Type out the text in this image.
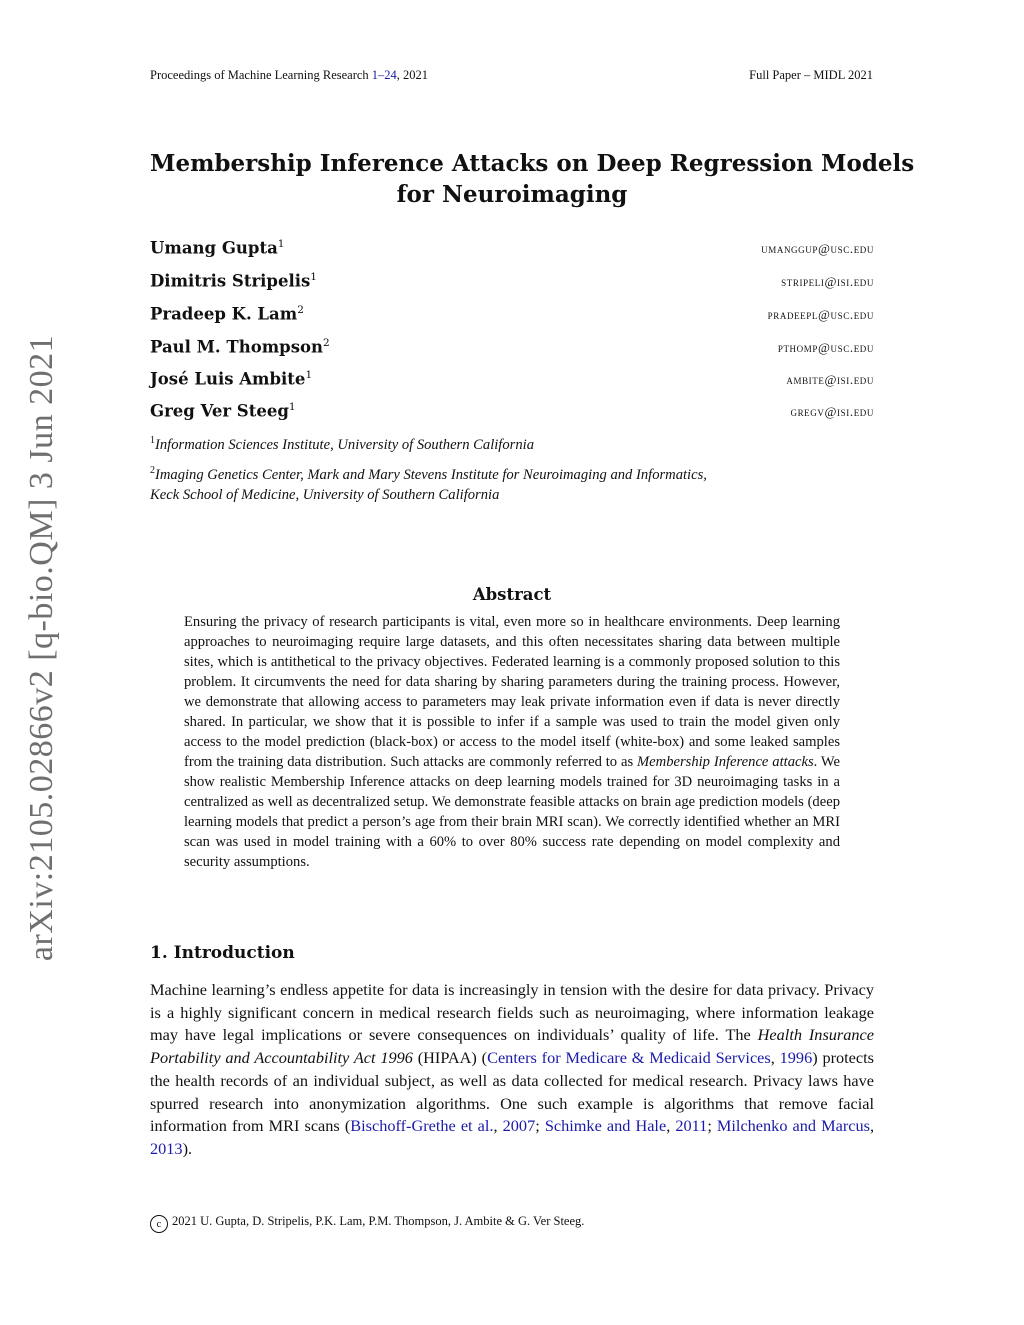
arXiv:2105.02866v2 [q-bio.QM] 3 Jun 2021
Proceedings of Machine Learning Research 1–24, 2021	Full Paper – MIDL 2021
Membership Inference Attacks on Deep Regression Models
for Neuroimaging
Umang Gupta$^1$	umanggup@usc.edu
Dimitris Stripelis$^1$	stripeli@isi.edu
Pradeep K. Lam$^2$	pradeepl@usc.edu
Paul M. Thompson$^2$	pthomp@usc.edu
José Luis Ambite$^1$	ambite@isi.edu
Greg Ver Steeg$^1$	gregv@isi.edu
$^1$Information Sciences Institute, University of Southern California
$^2$Imaging Genetics Center, Mark and Mary Stevens Institute for Neuroimaging and Informatics,
Keck School of Medicine, University of Southern California
Abstract
Ensuring the privacy of research participants is vital, even more so in healthcare environments. Deep learning approaches to neuroimaging require large datasets, and this often necessitates sharing data between multiple sites, which is antithetical to the privacy objectives. Federated learning is a commonly proposed solution to this problem. It circumvents the need for data sharing by sharing parameters during the training process. However, we demonstrate that allowing access to parameters may leak private information even if data is never directly shared. In particular, we show that it is possible to infer if a sample was used to train the model given only access to the model prediction (black-box) or access to the model itself (white-box) and some leaked samples from the training data distribution. Such attacks are commonly referred to as Membership Inference attacks. We show realistic Membership Inference attacks on deep learning models trained for 3D neuroimaging tasks in a centralized as well as decentralized setup. We demonstrate feasible attacks on brain age prediction models (deep learning models that predict a person’s age from their brain MRI scan). We correctly identified whether an MRI scan was used in model training with a 60% to over 80% success rate depending on model complexity and security assumptions.
1. Introduction
Machine learning’s endless appetite for data is increasingly in tension with the desire for data privacy. Privacy is a highly significant concern in medical research fields such as neuroimaging, where information leakage may have legal implications or severe consequences on individuals’ quality of life. The Health Insurance Portability and Accountability Act 1996 (HIPAA) (Centers for Medicare & Medicaid Services, 1996) protects the health records of an individual subject, as well as data collected for medical research. Privacy laws have spurred research into anonymization algorithms. One such example is algorithms that remove facial information from MRI scans (Bischoff-Grethe et al., 2007; Schimke and Hale, 2011; Milchenko and Marcus, 2013).
c 2021 U. Gupta, D. Stripelis, P.K. Lam, P.M. Thompson, J. Ambite & G. Ver Steeg.
